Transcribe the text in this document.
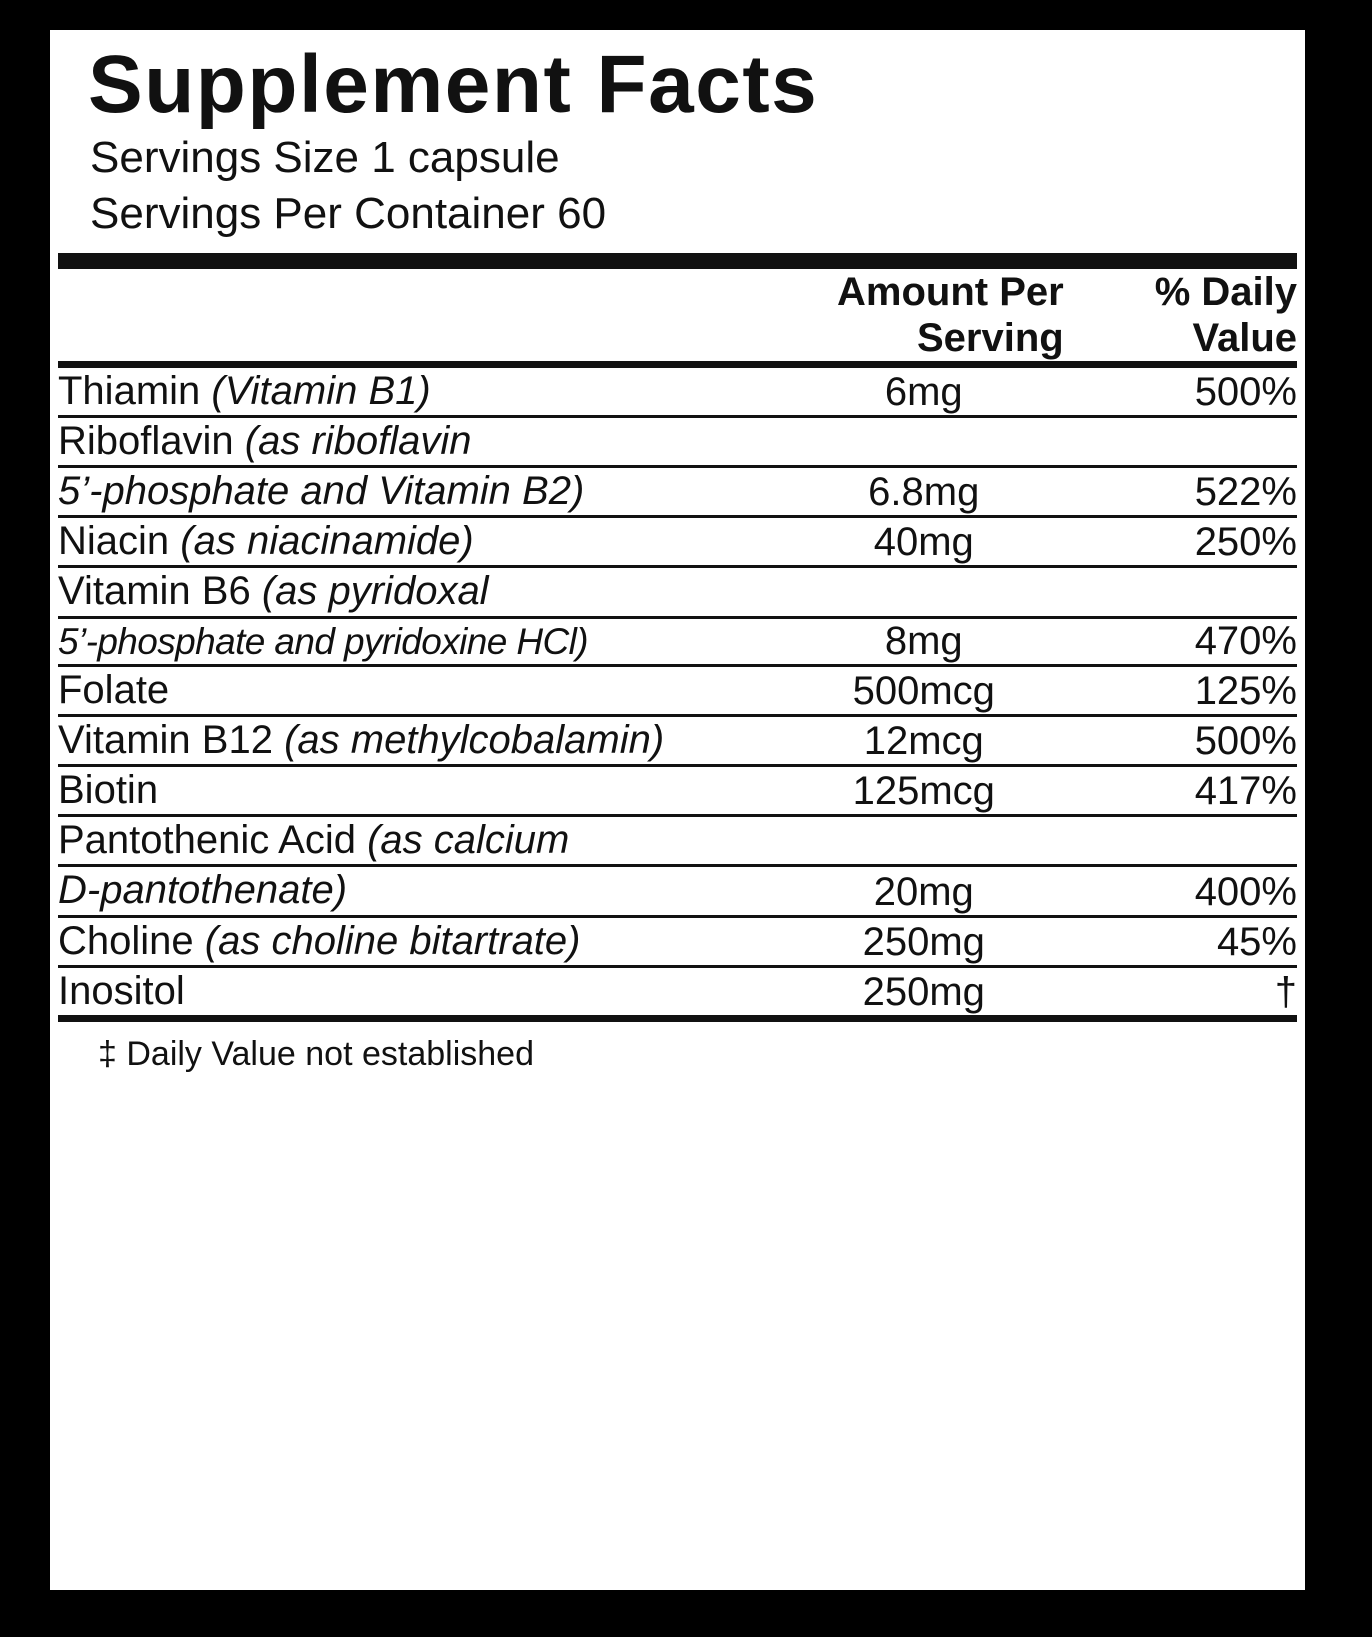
Supplement Facts
Servings Size 1 capsule
Servings Per Container 60
	Amount Per
Serving
	% Daily
Value
Thiamin (Vitamin B1)	6mg	500%
Riboflavin (as riboflavin		
5’-phosphate and Vitamin B2)	6.8mg	522%
Niacin (as niacinamide)	40mg	250%
Vitamin B6 (as pyridoxal		
5’-phosphate and pyridoxine HCl)	8mg	470%
Folate	500mcg	125%
Vitamin B12 (as methylcobalamin)	12mcg	500%
Biotin	125mcg	417%
Pantothenic Acid (as calcium		
D-pantothenate)	20mg	400%
Choline (as choline bitartrate)	250mg	45%
Inositol	250mg	†
‡ Daily Value not established
